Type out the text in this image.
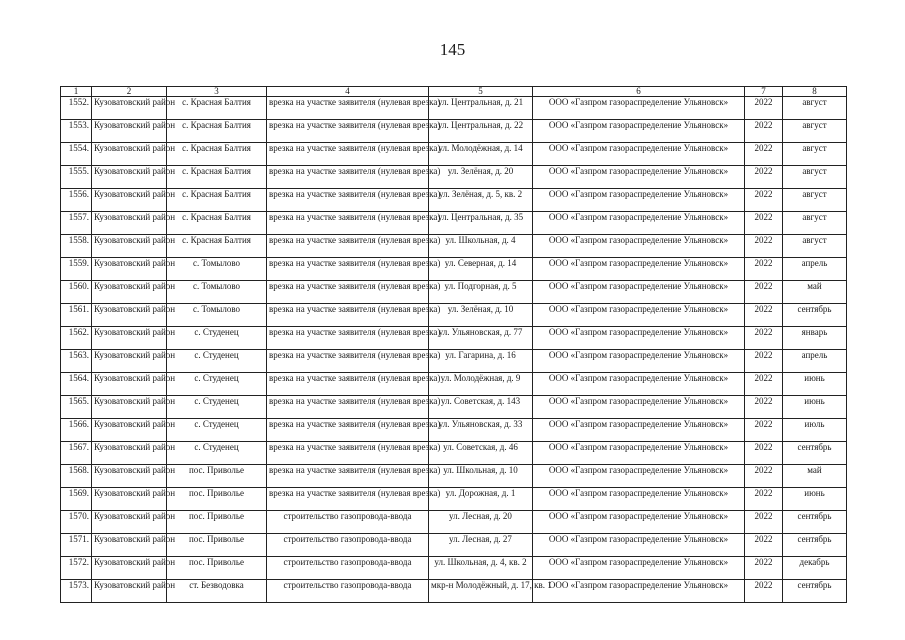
145
1	2	3	4	5	6	7	8
1552.	Кузоватовский район	с. Красная Балтия	врезка на участке заявителя (нулевая врезка)	ул. Центральная, д. 21	ООО «Газпром газораспределение Ульяновск»	2022	август
1553.	Кузоватовский район	с. Красная Балтия	врезка на участке заявителя (нулевая врезка)	ул. Центральная, д. 22	ООО «Газпром газораспределение Ульяновск»	2022	август
1554.	Кузоватовский район	с. Красная Балтия	врезка на участке заявителя (нулевая врезка)	ул. Молодёжная, д. 14	ООО «Газпром газораспределение Ульяновск»	2022	август
1555.	Кузоватовский район	с. Красная Балтия	врезка на участке заявителя (нулевая врезка)	ул. Зелёная, д. 20	ООО «Газпром газораспределение Ульяновск»	2022	август
1556.	Кузоватовский район	с. Красная Балтия	врезка на участке заявителя (нулевая врезка)	ул. Зелёная, д. 5, кв. 2	ООО «Газпром газораспределение Ульяновск»	2022	август
1557.	Кузоватовский район	с. Красная Балтия	врезка на участке заявителя (нулевая врезка)	ул. Центральная, д. 35	ООО «Газпром газораспределение Ульяновск»	2022	август
1558.	Кузоватовский район	с. Красная Балтия	врезка на участке заявителя (нулевая врезка)	ул. Школьная, д. 4	ООО «Газпром газораспределение Ульяновск»	2022	август
1559.	Кузоватовский район	с. Томылово	врезка на участке заявителя (нулевая врезка)	ул. Северная, д. 14	ООО «Газпром газораспределение Ульяновск»	2022	апрель
1560.	Кузоватовский район	с. Томылово	врезка на участке заявителя (нулевая врезка)	ул. Подгорная, д. 5	ООО «Газпром газораспределение Ульяновск»	2022	май
1561.	Кузоватовский район	с. Томылово	врезка на участке заявителя (нулевая врезка)	ул. Зелёная, д. 10	ООО «Газпром газораспределение Ульяновск»	2022	сентябрь
1562.	Кузоватовский район	с. Студенец	врезка на участке заявителя (нулевая врезка)	ул. Ульяновская, д. 77	ООО «Газпром газораспределение Ульяновск»	2022	январь
1563.	Кузоватовский район	с. Студенец	врезка на участке заявителя (нулевая врезка)	ул. Гагарина, д. 16	ООО «Газпром газораспределение Ульяновск»	2022	апрель
1564.	Кузоватовский район	с. Студенец	врезка на участке заявителя (нулевая врезка)	ул. Молодёжная, д. 9	ООО «Газпром газораспределение Ульяновск»	2022	июнь
1565.	Кузоватовский район	с. Студенец	врезка на участке заявителя (нулевая врезка)	ул. Советская, д. 143	ООО «Газпром газораспределение Ульяновск»	2022	июнь
1566.	Кузоватовский район	с. Студенец	врезка на участке заявителя (нулевая врезка)	ул. Ульяновская, д. 33	ООО «Газпром газораспределение Ульяновск»	2022	июль
1567.	Кузоватовский район	с. Студенец	врезка на участке заявителя (нулевая врезка)	ул. Советская, д. 46	ООО «Газпром газораспределение Ульяновск»	2022	сентябрь
1568.	Кузоватовский район	пос. Приволье	врезка на участке заявителя (нулевая врезка)	ул. Школьная, д. 10	ООО «Газпром газораспределение Ульяновск»	2022	май
1569.	Кузоватовский район	пос. Приволье	врезка на участке заявителя (нулевая врезка)	ул. Дорожная, д. 1	ООО «Газпром газораспределение Ульяновск»	2022	июнь
1570.	Кузоватовский район	пос. Приволье	строительство газопровода-ввода	ул. Лесная, д. 20	ООО «Газпром газораспределение Ульяновск»	2022	сентябрь
1571.	Кузоватовский район	пос. Приволье	строительство газопровода-ввода	ул. Лесная, д. 27	ООО «Газпром газораспределение Ульяновск»	2022	сентябрь
1572.	Кузоватовский район	пос. Приволье	строительство газопровода-ввода	ул. Школьная, д. 4, кв. 2	ООО «Газпром газораспределение Ульяновск»	2022	декабрь
1573.	Кузоватовский район	ст. Безводовка	строительство газопровода-ввода	мкр-н Молодёжный, д. 17, кв. 1	ООО «Газпром газораспределение Ульяновск»	2022	сентябрь
